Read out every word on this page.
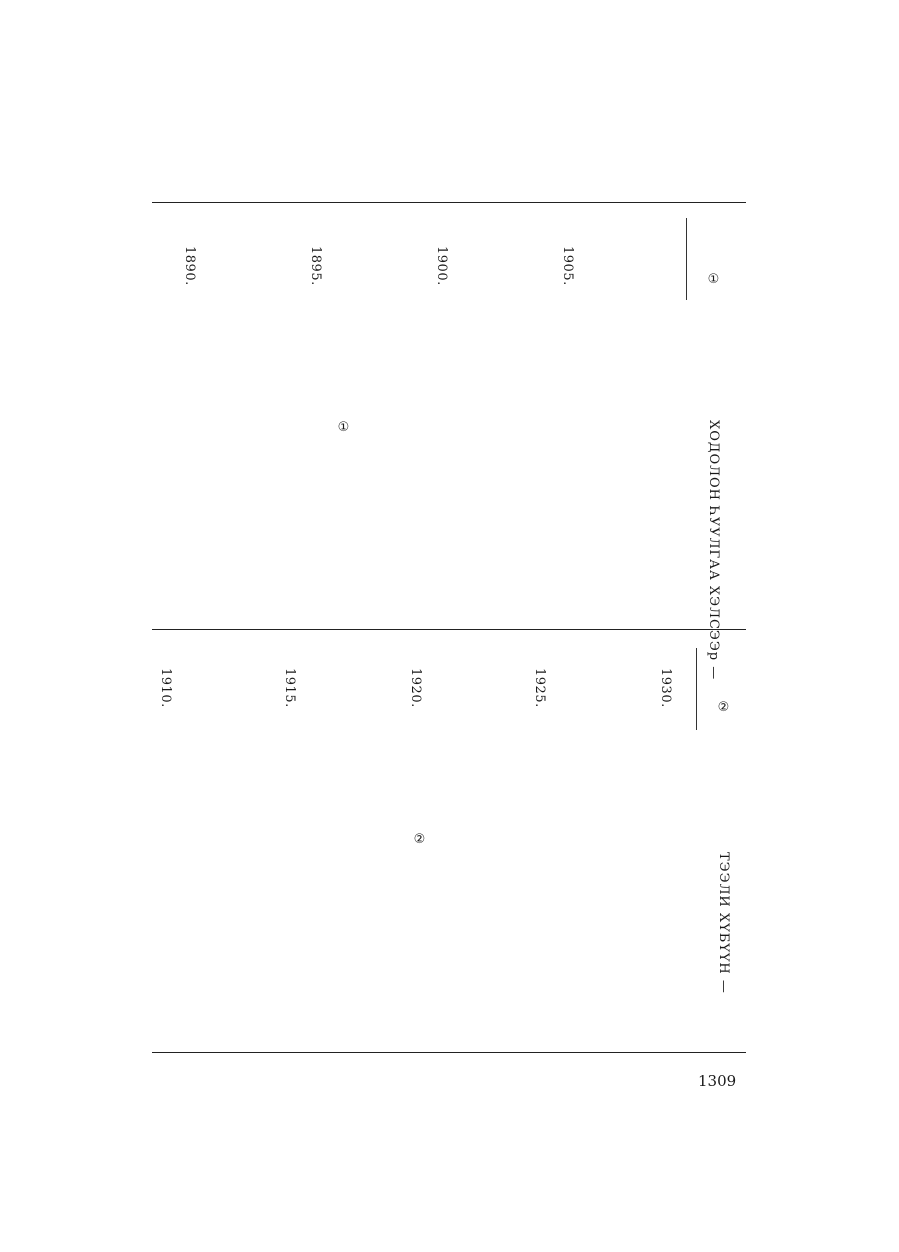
ХОДОЛОН ҺУУЛГАА ХЭЛСЭЭр —
①
1905.
1900.
1895.
1890.
①
ТЭЭЛИ ХҮБҮҮН —
②
1930.
1925.
1920.
1915.
1910.
②
1309
